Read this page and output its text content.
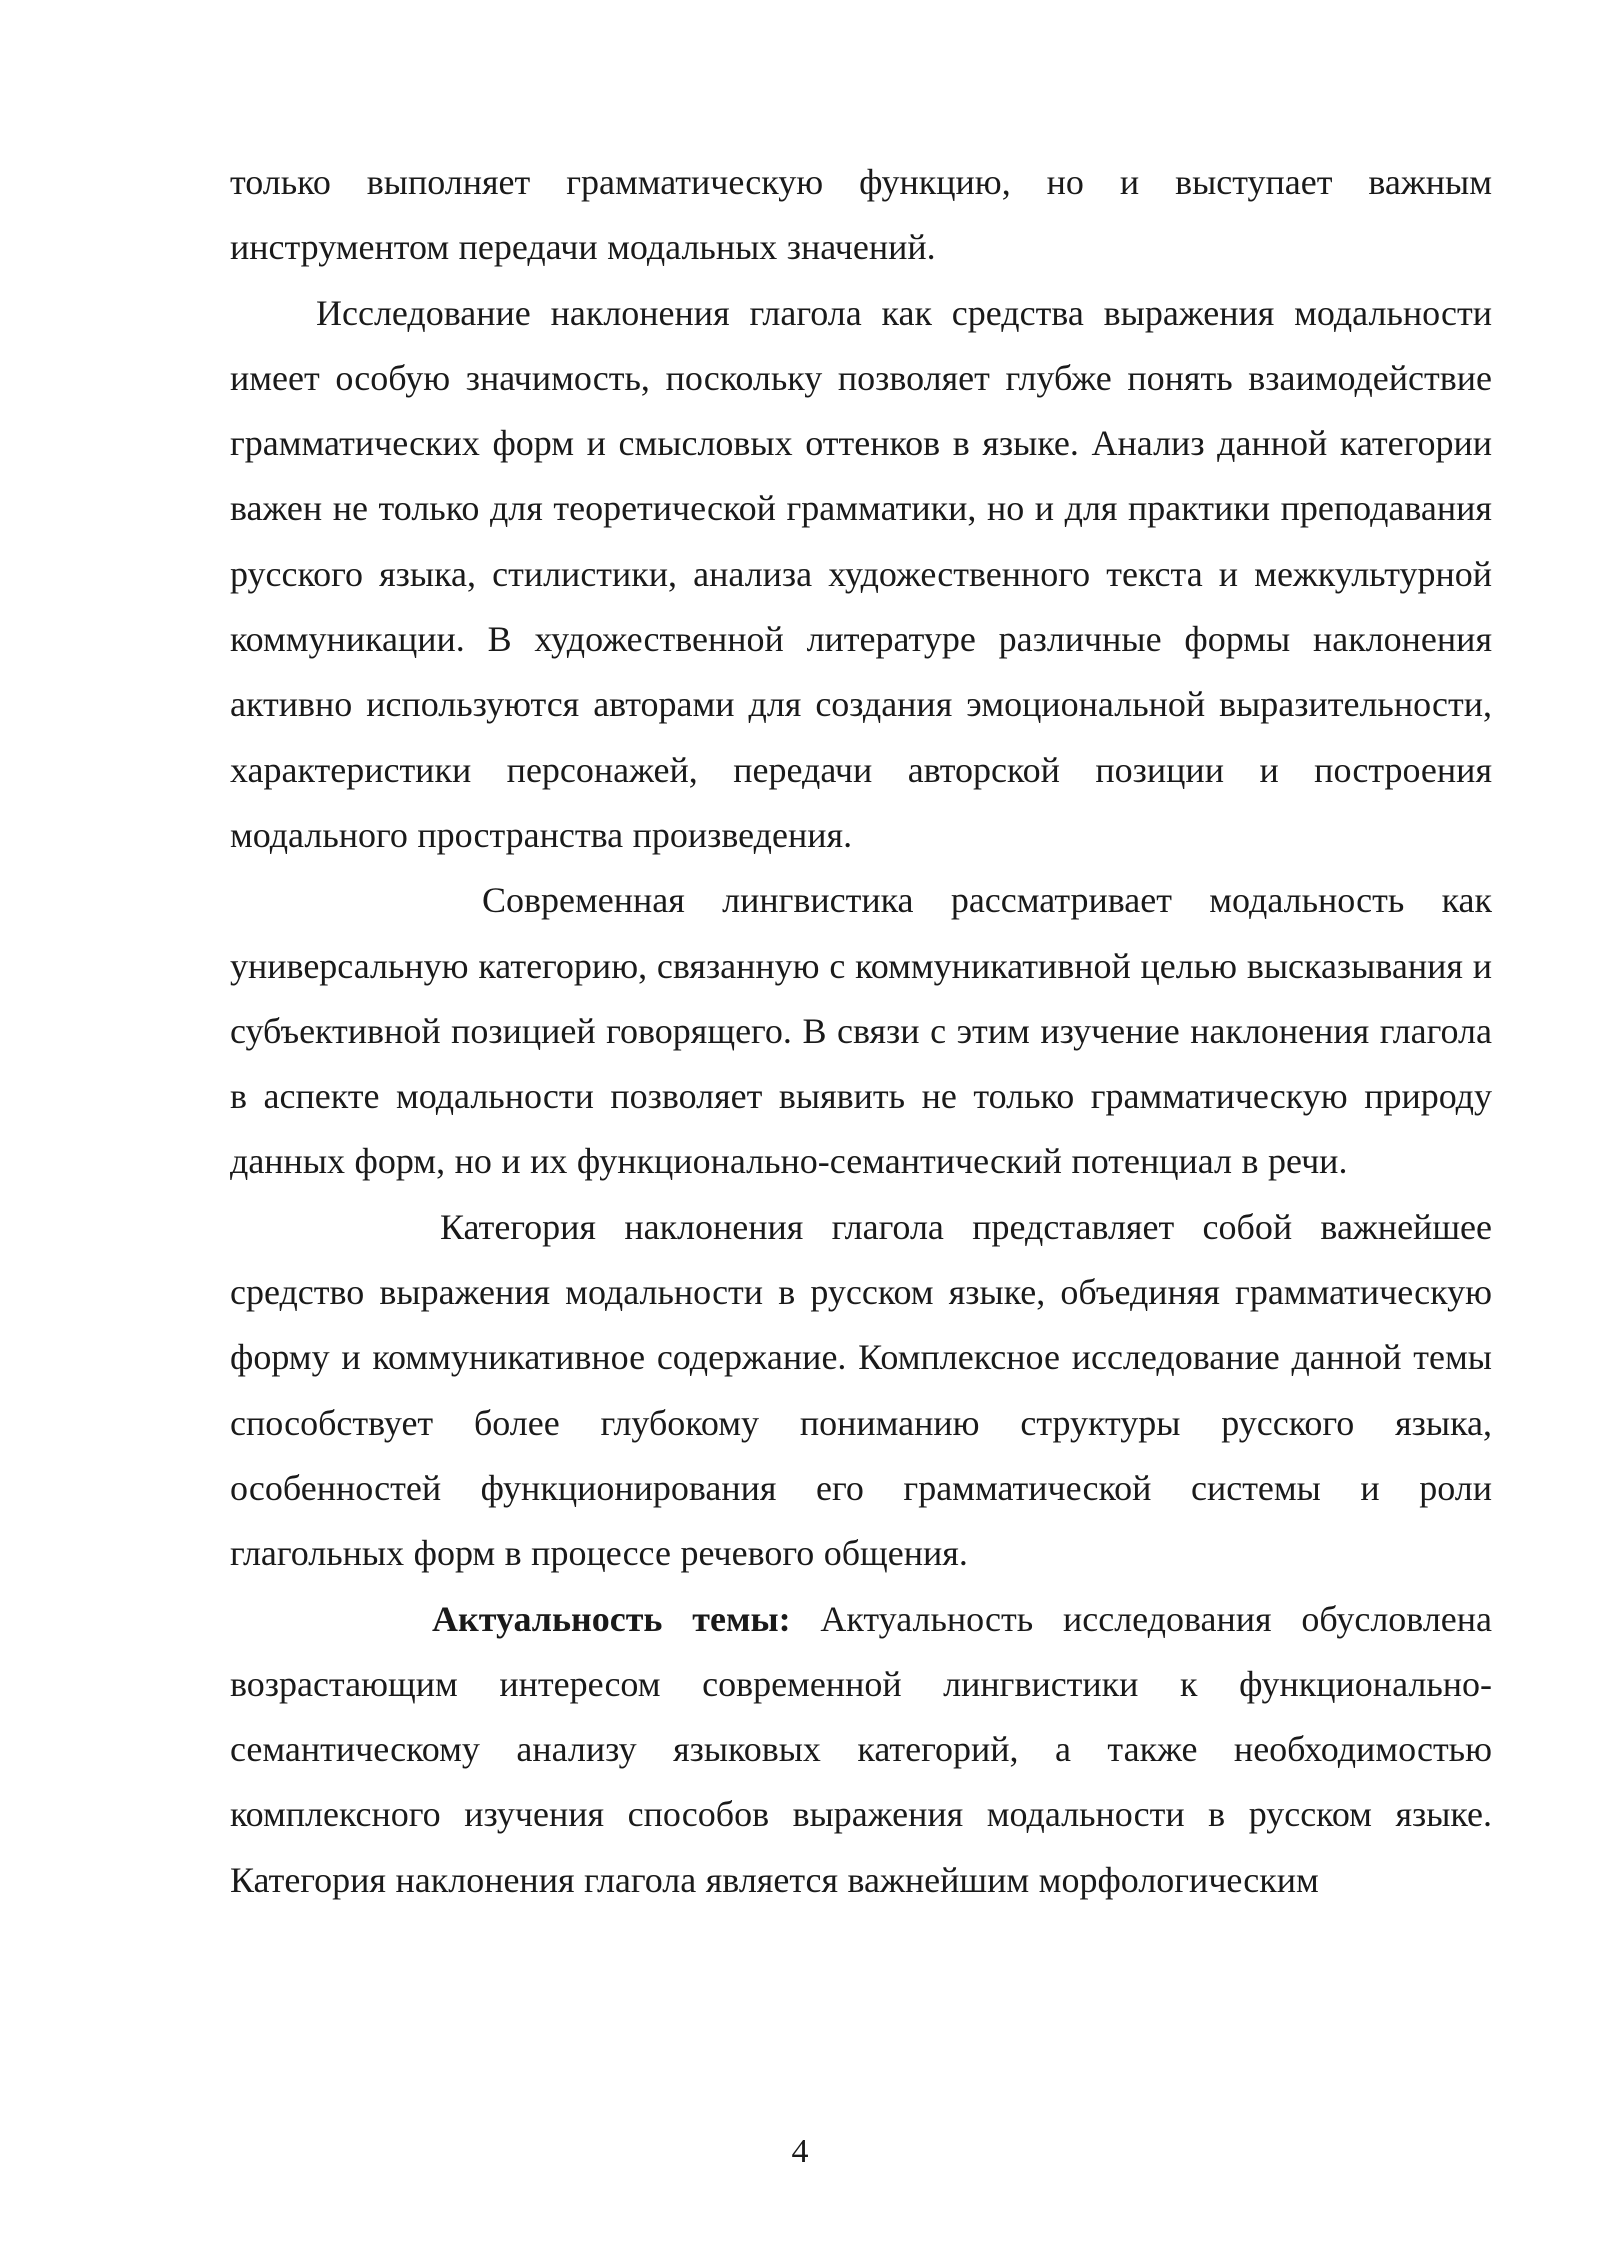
только выполняет грамматическую функцию, но и выступает важным инструментом передачи модальных значений.

Исследование наклонения глагола как средства выражения модальности имеет особую значимость, поскольку позволяет глубже понять взаимодействие грамматических форм и смысловых оттенков в языке. Анализ данной категории важен не только для теоретической грамматики, но и для практики преподавания русского языка, стилистики, анализа художественного текста и межкультурной коммуникации. В художественной литературе различные формы наклонения активно используются авторами для создания эмоциональной выразительности, характеристики персонажей, передачи авторской позиции и построения модального пространства произведения.

Современная лингвистика рассматривает модальность как универсальную категорию, связанную с коммуникативной целью высказывания и субъективной позицией говорящего. В связи с этим изучение наклонения глагола в аспекте модальности позволяет выявить не только грамматическую природу данных форм, но и их функционально-семантический потенциал в речи.

Категория наклонения глагола представляет собой важнейшее средство выражения модальности в русском языке, объединяя грамматическую форму и коммуникативное содержание. Комплексное исследование данной темы способствует более глубокому пониманию структуры русского языка, особенностей функционирования его грамматической системы и роли глагольных форм в процессе речевого общения.

Актуальность темы: Актуальность исследования обусловлена возрастающим интересом современной лингвистики к функционально-семантическому анализу языковых категорий, а также необходимостью комплексного изучения способов выражения модальности в русском языке. Категория наклонения глагола является важнейшим морфологическим

4
